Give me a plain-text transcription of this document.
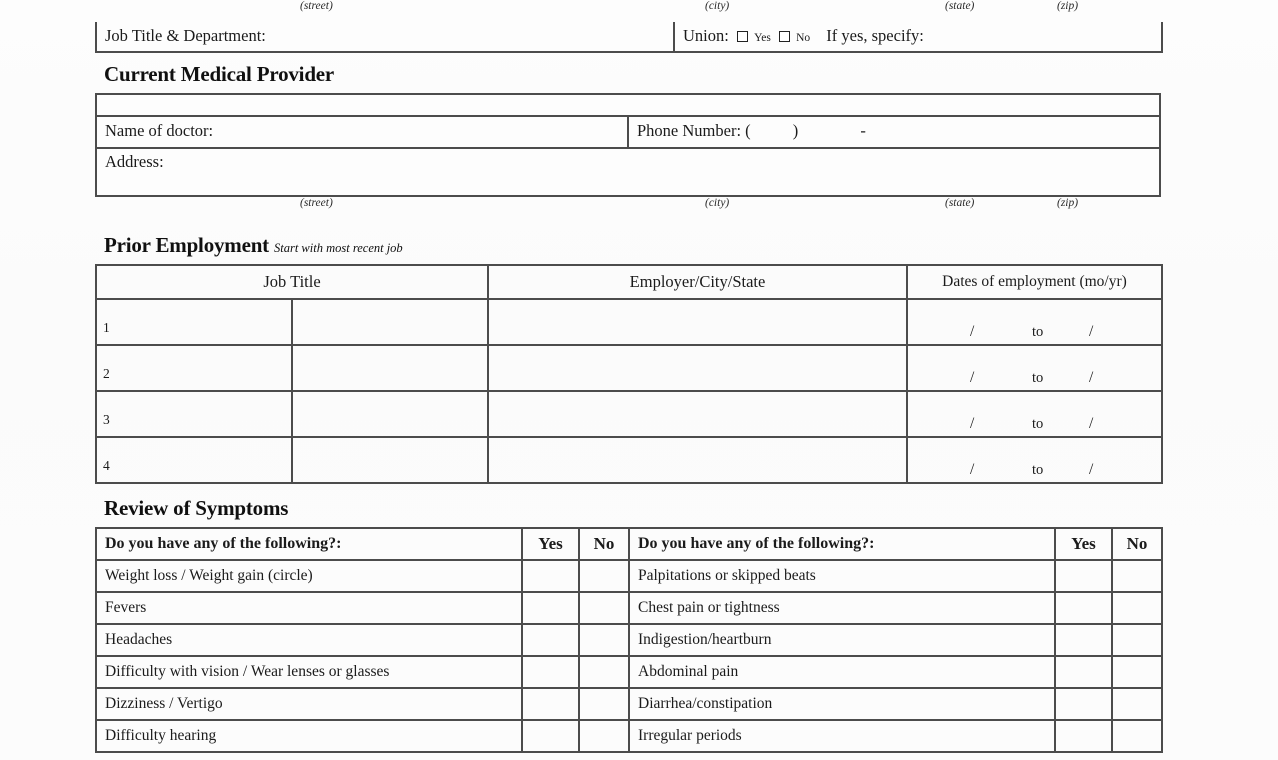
(street)	(city)	(state)	(zip)
Job Title & Department:	Union: Yes No If yes, specify:
Current Medical Provider

Name of doctor:	Phone Number: (	)	-

Address:
(street)	(city)	(state)	(zip)
Prior Employment Start with most recent job
Job Title		Employer/City/State	Dates of employment (mo/yr)
1			/ to /

2			/ to /

3			/ to /

4			/ to /
Review of Symptoms
Do you have any of the following?:	Yes	No	Do you have any of the following?:	Yes	No
Weight loss / Weight gain (circle)			Palpitations or skipped beats		
Fevers			Chest pain or tightness		
Headaches			Indigestion/heartburn		
Difficulty with vision / Wear lenses or glasses			Abdominal pain		
Dizziness / Vertigo			Diarrhea/constipation		
Difficulty hearing			Irregular periods		
